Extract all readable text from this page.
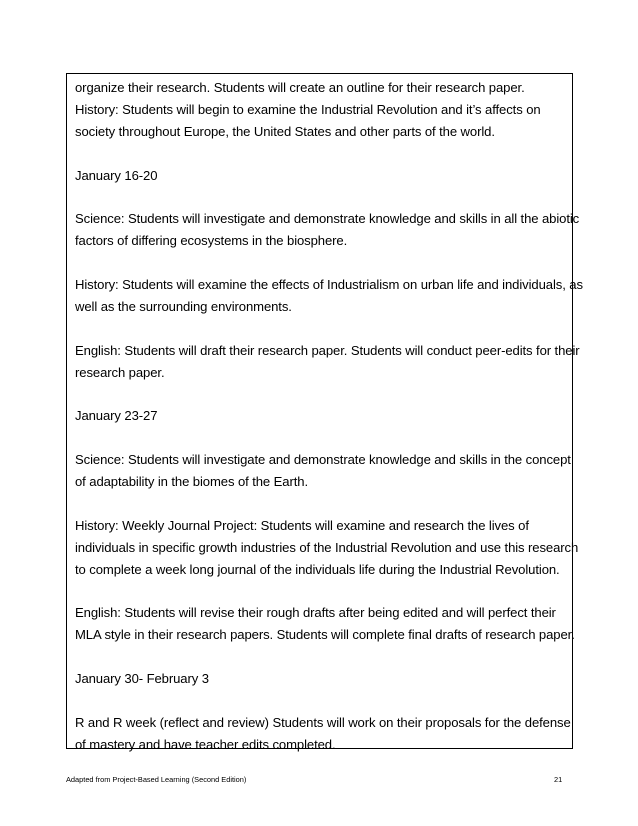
organize their research. Students will create an outline for their research paper.
History: Students will begin to examine the Industrial Revolution and it’s affects on
society throughout Europe, the United States and other parts of the world.
January 16-20
Science: Students will investigate and demonstrate knowledge and skills in all the abiotic
factors of differing ecosystems in the biosphere.
History: Students will examine the effects of Industrialism on urban life and individuals, as
well as the surrounding environments.
English: Students will draft their research paper. Students will conduct peer-edits for their
research paper.
January 23-27
Science: Students will investigate and demonstrate knowledge and skills in the concept
of adaptability in the biomes of the Earth.
History: Weekly Journal Project: Students will examine and research the lives of
individuals in specific growth industries of the Industrial Revolution and use this research
to complete a week long journal of the individuals life during the Industrial Revolution.
English: Students will revise their rough drafts after being edited and will perfect their
MLA style in their research papers. Students will complete final drafts of research paper.
January 30- February 3
R and R week (reflect and review) Students will work on their proposals for the defense
of mastery and have teacher edits completed.
Adapted from Project-Based Learning (Second Edition)	21
